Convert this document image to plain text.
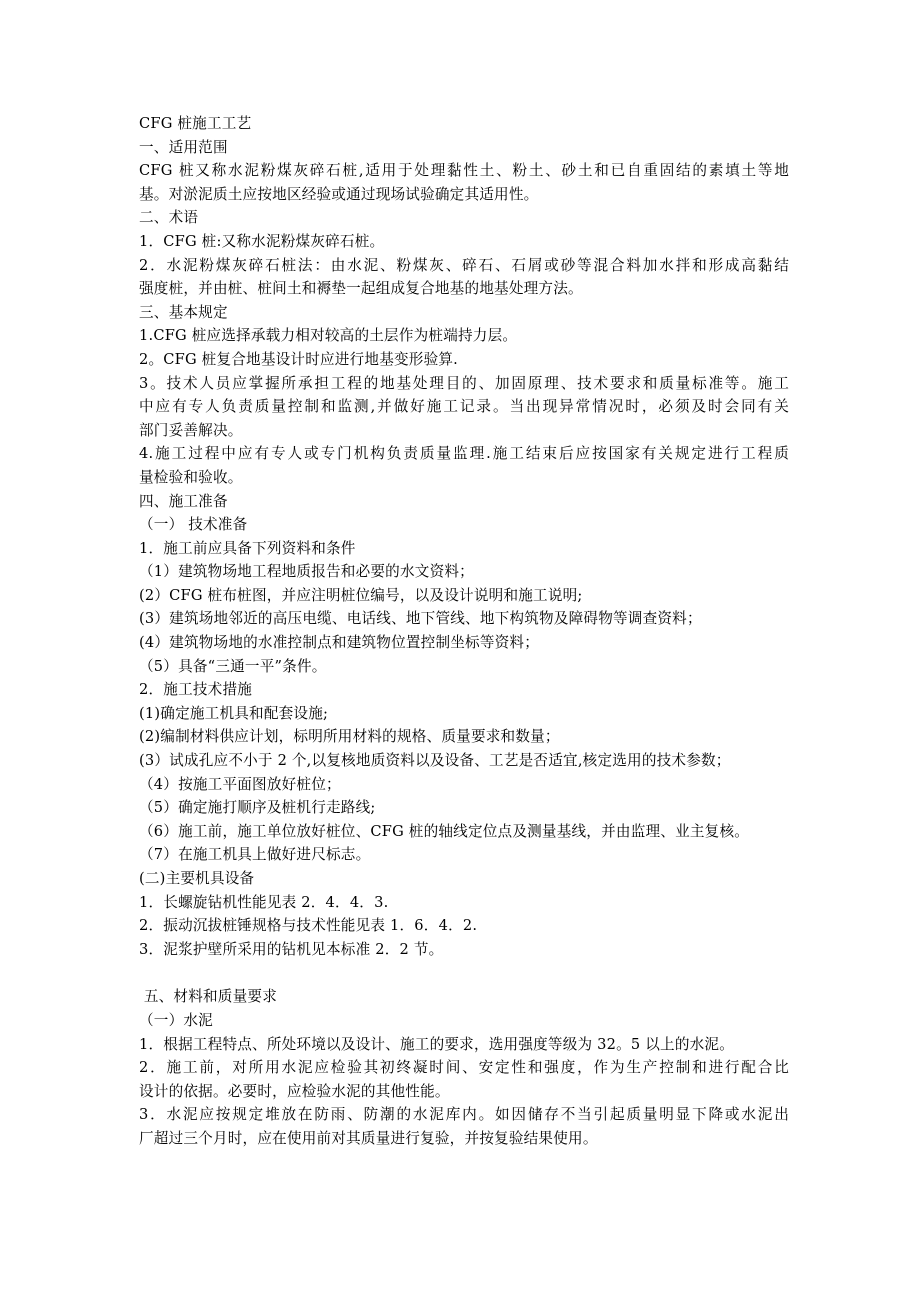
CFG 桩施工工艺
一、适用范围
CFG 桩又称水泥粉煤灰碎石桩,适用于处理黏性土、粉土、砂土和已自重固结的素填土等地
基。对淤泥质土应按地区经验或通过现场试验确定其适用性。
二、术语
1．CFG 桩:又称水泥粉煤灰碎石桩。
2．水泥粉煤灰碎石桩法：由水泥、粉煤灰、碎石、石屑或砂等混合料加水拌和形成高黏结
强度桩，并由桩、桩间土和褥垫一起组成复合地基的地基处理方法。
三、基本规定
1.CFG 桩应选择承载力相对较高的土层作为桩端持力层。
2。CFG 桩复合地基设计时应进行地基变形验算.
3。技术人员应掌握所承担工程的地基处理目的、加固原理、技术要求和质量标准等。施工
中应有专人负责质量控制和监测,并做好施工记录。当出现异常情况时，必须及时会同有关
部门妥善解决。
4.施工过程中应有专人或专门机构负责质量监理.施工结束后应按国家有关规定进行工程质
量检验和验收。
四、施工准备
（一） 技术准备
1．施工前应具备下列资料和条件
（1）建筑物场地工程地质报告和必要的水文资料；
(2）CFG 桩布桩图，并应注明桩位编号，以及设计说明和施工说明;
(3）建筑场地邻近的高压电缆、电话线、地下管线、地下构筑物及障碍物等调查资料；
(4）建筑物场地的水准控制点和建筑物位置控制坐标等资料；
（5）具备“三通一平”条件。
2．施工技术措施
(1)确定施工机具和配套设施;
(2)编制材料供应计划，标明所用材料的规格、质量要求和数量；
(3）试成孔应不小于 2 个,以复核地质资料以及设备、工艺是否适宜,核定选用的技术参数；
（4）按施工平面图放好桩位；
（5）确定施打顺序及桩机行走路线;
（6）施工前，施工单位放好桩位、CFG 桩的轴线定位点及测量基线，并由监理、业主复核。
（7）在施工机具上做好进尺标志。
(二)主要机具设备
1．长螺旋钻机性能见表 2．4．4．3.
2．振动沉拔桩锤规格与技术性能见表 1．6．4．2.
3．泥浆护壁所采用的钻机见本标准 2．2 节。
五、材料和质量要求
（一）水泥
1．根据工程特点、所处环境以及设计、施工的要求，选用强度等级为 32。5 以上的水泥。
2．施工前，对所用水泥应检验其初终凝时间、安定性和强度，作为生产控制和进行配合比
设计的依据。必要时，应检验水泥的其他性能。
3．水泥应按规定堆放在防雨、防潮的水泥库内。如因储存不当引起质量明显下降或水泥出
厂超过三个月时，应在使用前对其质量进行复验，并按复验结果使用。
